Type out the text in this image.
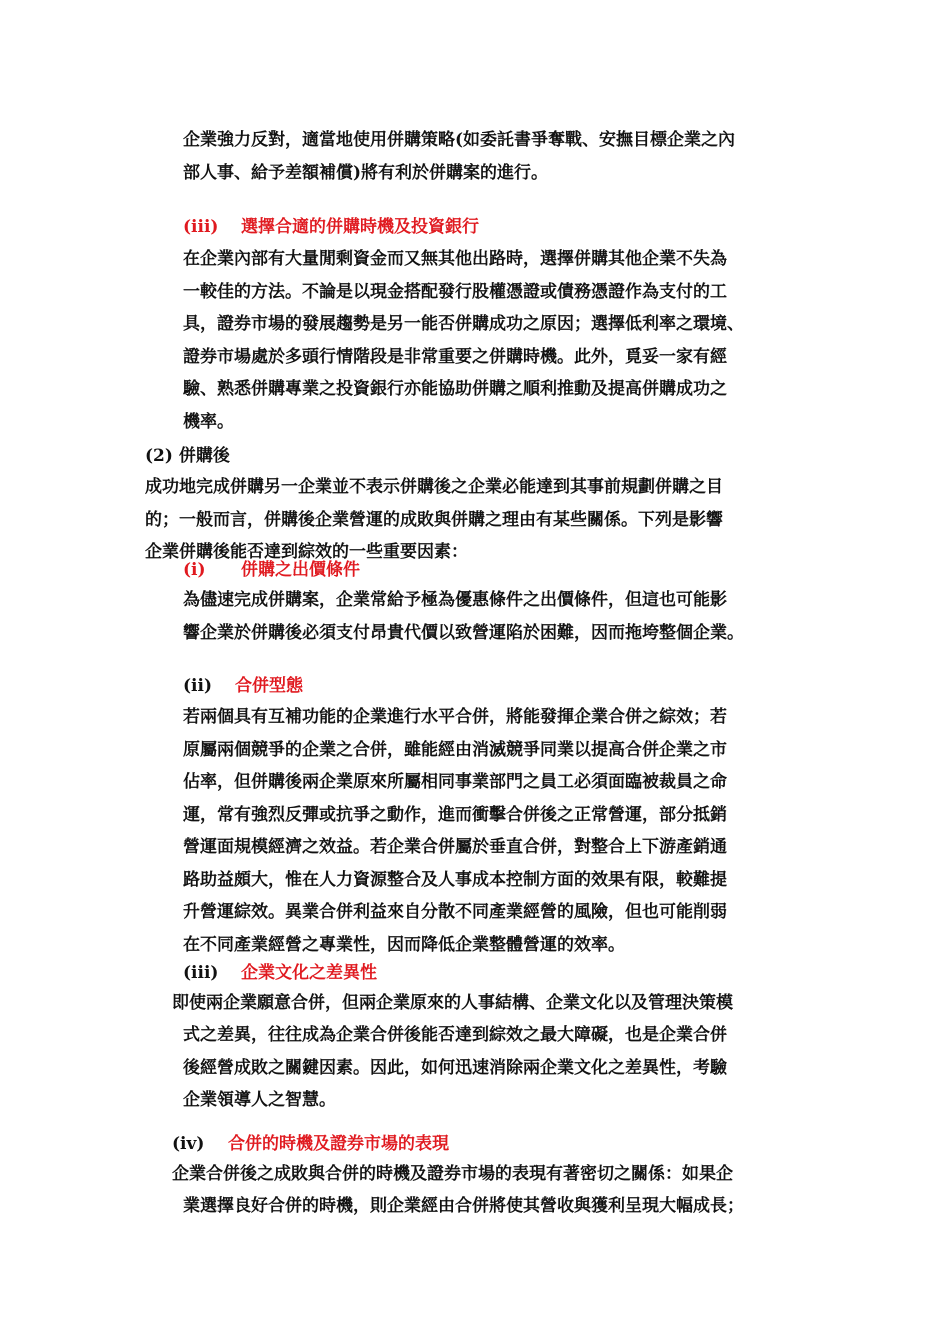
企業強力反對，適當地使用併購策略(如委託書爭奪戰、安撫目標企業之內
部人事、給予差額補償)將有利於併購案的進行。
(iii) 選擇合適的併購時機及投資銀行
在企業內部有大量閒剩資金而又無其他出路時，選擇併購其他企業不失為
一較佳的方法。不論是以現金搭配發行股權憑證或債務憑證作為支付的工
具，證券市場的發展趨勢是另一能否併購成功之原因；選擇低利率之環境、
證券市場處於多頭行情階段是非常重要之併購時機。此外，覓妥一家有經
驗、熟悉併購專業之投資銀行亦能協助併購之順利推動及提高併購成功之
機率。
(2) 併購後
成功地完成併購另一企業並不表示併購後之企業必能達到其事前規劃併購之目
的；一般而言，併購後企業營運的成敗與併購之理由有某些關係。下列是影響
企業併購後能否達到綜效的一些重要因素：
(i) 併購之出價條件
為儘速完成併購案，企業常給予極為優惠條件之出價條件，但這也可能影
響企業於併購後必須支付昂貴代價以致營運陷於困難，因而拖垮整個企業。
(ii) 合併型態
若兩個具有互補功能的企業進行水平合併，將能發揮企業合併之綜效；若
原屬兩個競爭的企業之合併，雖能經由消滅競爭同業以提高合併企業之市
佔率，但併購後兩企業原來所屬相同事業部門之員工必須面臨被裁員之命
運，常有強烈反彈或抗爭之動作，進而衝擊合併後之正常營運，部分抵銷
營運面規模經濟之效益。若企業合併屬於垂直合併，對整合上下游產銷通
路助益頗大，惟在人力資源整合及人事成本控制方面的效果有限，較難提
升營運綜效。異業合併利益來自分散不同產業經營的風險，但也可能削弱
在不同產業經營之專業性，因而降低企業整體營運的效率。
(iii) 企業文化之差異性
即使兩企業願意合併，但兩企業原來的人事結構、企業文化以及管理決策模
式之差異，往往成為企業合併後能否達到綜效之最大障礙，也是企業合併
後經營成敗之關鍵因素。因此，如何迅速消除兩企業文化之差異性，考驗
企業領導人之智慧。
(iv) 合併的時機及證券市場的表現
企業合併後之成敗與合併的時機及證券市場的表現有著密切之關係：如果企
業選擇良好合併的時機，則企業經由合併將使其營收與獲利呈現大幅成長；
